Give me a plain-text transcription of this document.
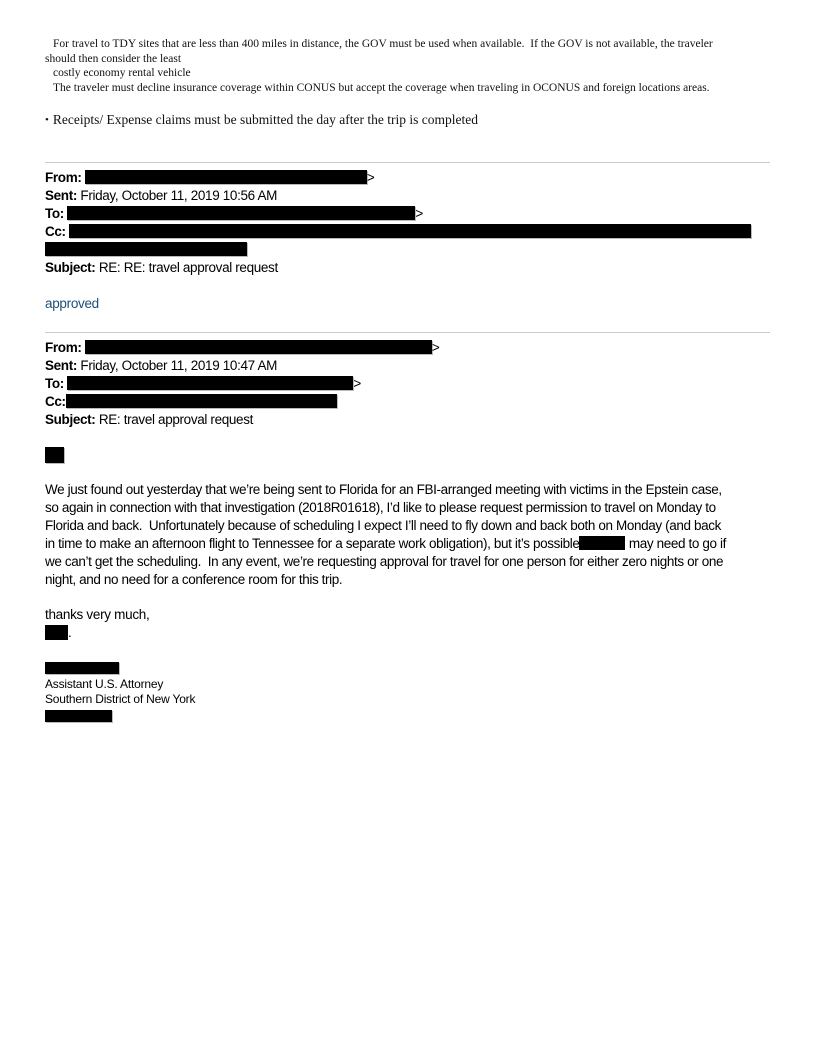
For travel to TDY sites that are less than 400 miles in distance, the GOV must be used when available.  If the GOV is not available, the traveler
should then consider the least
costly economy rental vehicle
The traveler must decline insurance coverage within CONUS but accept the coverage when traveling in OCONUS and foreign locations areas.
• Receipts/ Expense claims must be submitted the day after the trip is completed
From:	>
Sent: Friday, October 11, 2019 10:56 AM
To:	>
Cc:
Subject: RE: RE: travel approval request
approved
From:	>
Sent: Friday, October 11, 2019 10:47 AM
To:	>
Cc:
Subject: RE: travel approval request
We just found out yesterday that we’re being sent to Florida for an FBI-arranged meeting with victims in the Epstein case,
so again in connection with that investigation (2018R01618), I’d like to please request permission to travel on Monday to
Florida and back.  Unfortunately because of scheduling I expect I’ll need to fly down and back both on Monday (and back
in time to make an afternoon flight to Tennessee for a separate work obligation), but it’s possible	may need to go if
we can’t get the scheduling.  In any event, we’re requesting approval for travel for one person for either zero nights or one
night, and no need for a conference room for this trip.
thanks very much,
.
Assistant U.S. Attorney
Southern District of New York
